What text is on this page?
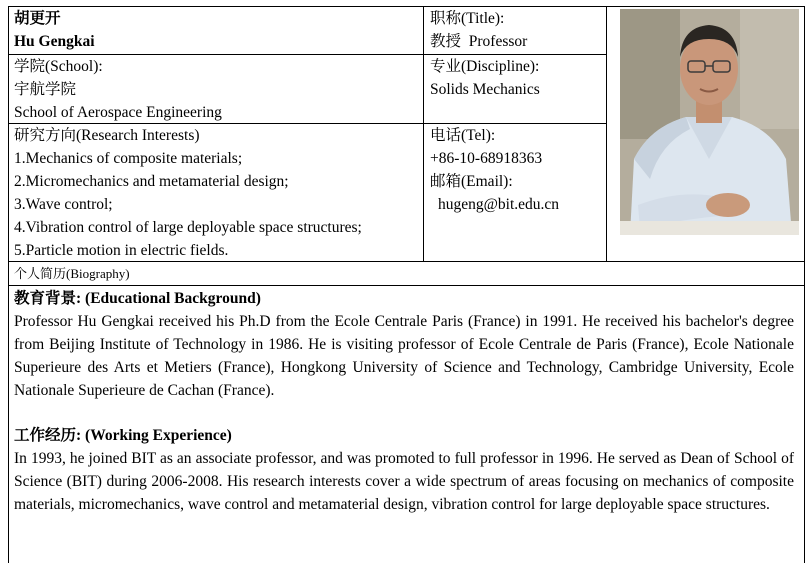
胡更开
Hu Gengkai
职称(Title):
教授  Professor
学院(School):
宇航学院
School of Aerospace Engineering
专业(Discipline):
Solids Mechanics
研究方向(Research Interests)
1.Mechanics of composite materials;
2.Micromechanics and metamaterial design;
3.Wave control;
4.Vibration control of large deployable space structures;
5.Particle motion in electric fields.
电话(Tel):
+86-10-68918363
邮箱(Email):
hugeng@bit.edu.cn
个人简历(Biography)
教育背景: (Educational Background)
Professor Hu Gengkai received his Ph.D from the Ecole Centrale Paris (France) in 1991. He received his bachelor's degree from Beijing Institute of Technology in 1986. He is visiting professor of Ecole Centrale de Paris (France), Ecole Nationale Superieure des Arts et Metiers (France), Hongkong University of Science and Technology, Cambridge University, Ecole Nationale Superieure de Cachan (France).
工作经历: (Working Experience)
In 1993, he joined BIT as an associate professor, and was promoted to full professor in 1996. He served as Dean of School of Science (BIT) during 2006-2008. His research interests cover a wide spectrum of areas focusing on mechanics of composite materials, micromechanics, wave control and metamaterial design, vibration control for large deployable space structures.
